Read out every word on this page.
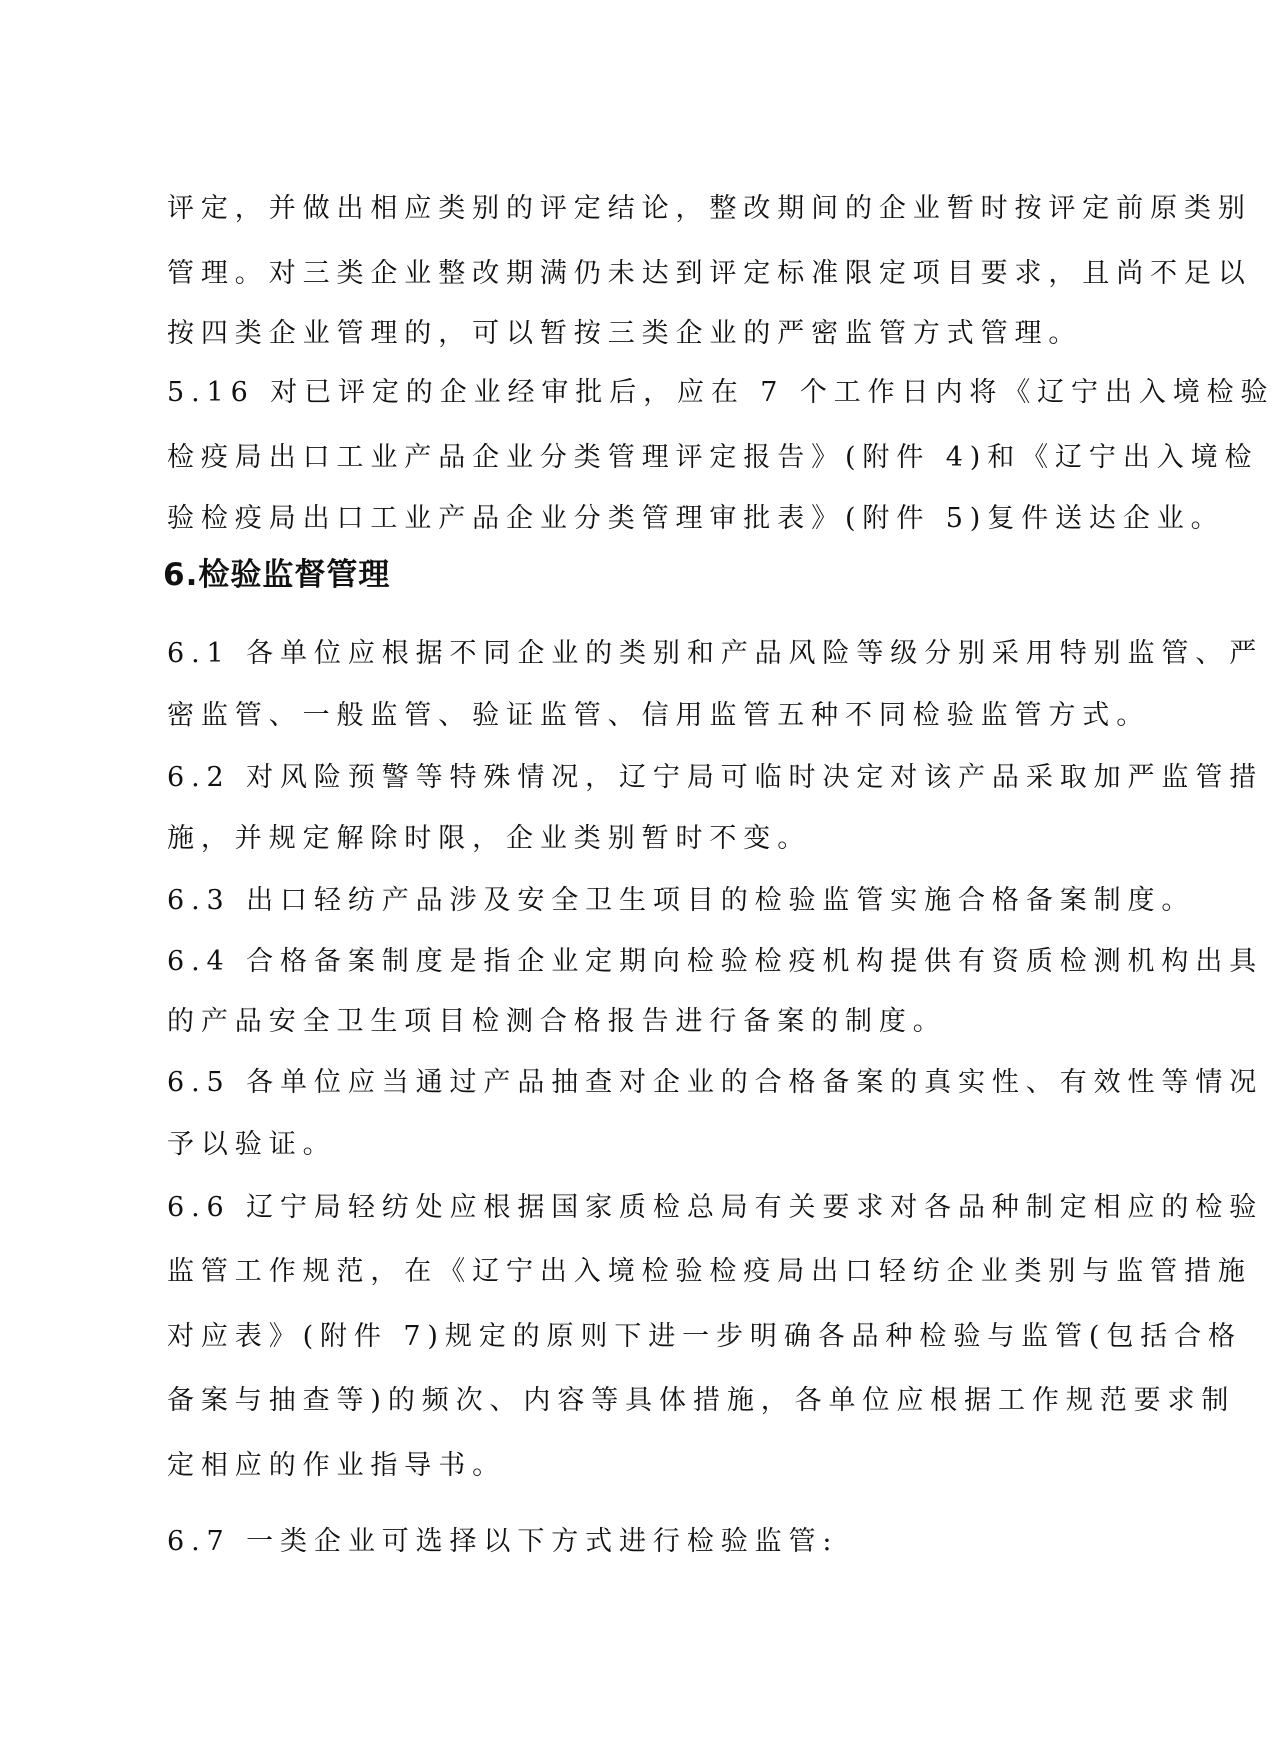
评定，并做出相应类别的评定结论，整改期间的企业暂时按评定前原类别
管理。对三类企业整改期满仍未达到评定标准限定项目要求，且尚不足以
按四类企业管理的，可以暂按三类企业的严密监管方式管理。
5.16 对已评定的企业经审批后，应在 7 个工作日内将《辽宁出入境检验
检疫局出口工业产品企业分类管理评定报告》(附件 4)和《辽宁出入境检
验检疫局出口工业产品企业分类管理审批表》(附件 5)复件送达企业。
6.检验监督管理
6.1 各单位应根据不同企业的类别和产品风险等级分别采用特别监管、严
密监管、一般监管、验证监管、信用监管五种不同检验监管方式。
6.2 对风险预警等特殊情况，辽宁局可临时决定对该产品采取加严监管措
施，并规定解除时限，企业类别暂时不变。
6.3 出口轻纺产品涉及安全卫生项目的检验监管实施合格备案制度。
6.4 合格备案制度是指企业定期向检验检疫机构提供有资质检测机构出具
的产品安全卫生项目检测合格报告进行备案的制度。
6.5 各单位应当通过产品抽查对企业的合格备案的真实性、有效性等情况
予以验证。
6.6 辽宁局轻纺处应根据国家质检总局有关要求对各品种制定相应的检验
监管工作规范，在《辽宁出入境检验检疫局出口轻纺企业类别与监管措施
对应表》(附件 7)规定的原则下进一步明确各品种检验与监管(包括合格
备案与抽查等)的频次、内容等具体措施，各单位应根据工作规范要求制
定相应的作业指导书。
6.7 一类企业可选择以下方式进行检验监管:
